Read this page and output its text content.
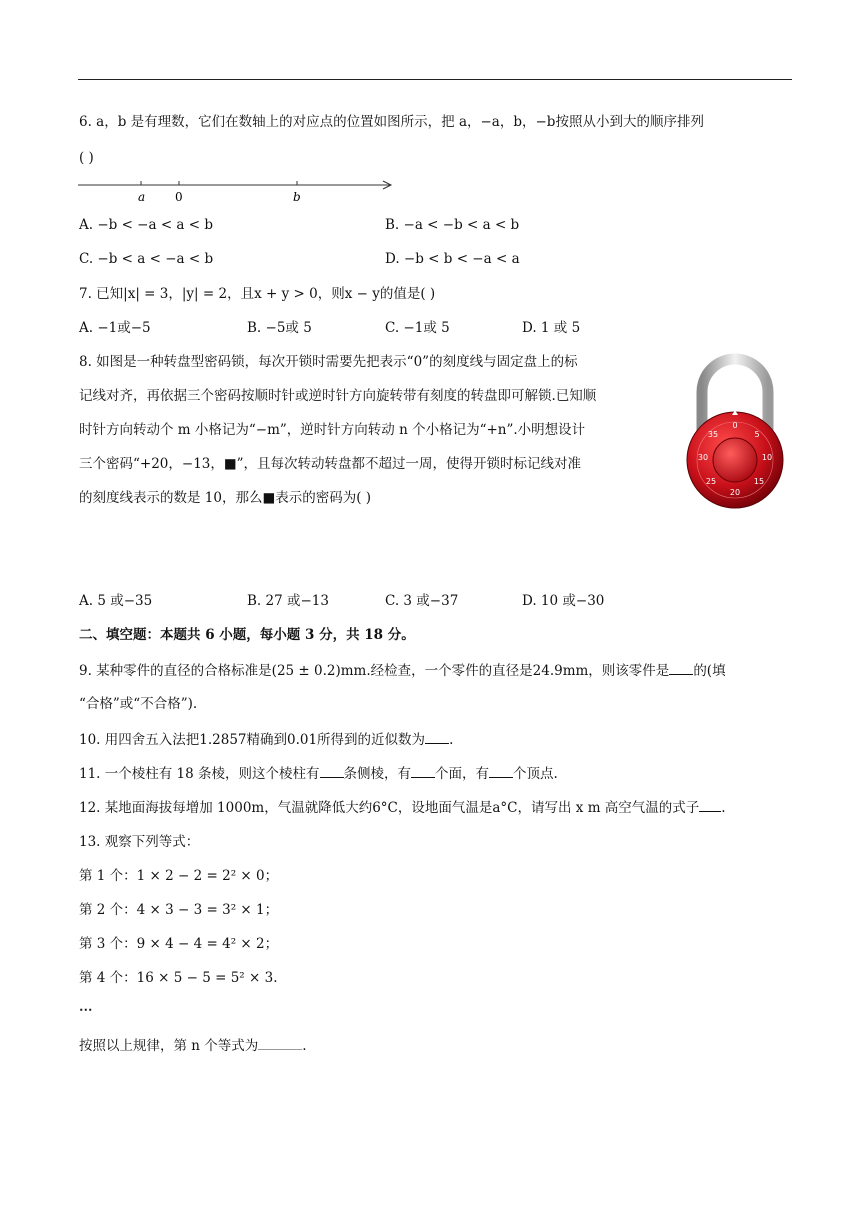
6. a，b 是有理数，它们在数轴上的对应点的位置如图所示，把 a，−a，b，−b按照从小到大的顺序排列
( )
a 0	b
A. −b < −a < a < b	B. −a < −b < a < b
C. −b < a < −a < b	D. −b < b < −a < a
7. 已知|x| = 3，|y| = 2，且x + y > 0，则x − y的值是( )
A. −1或−5	B. −5或 5	C. −1或 5	D. 1 或 5
8. 如图是一种转盘型密码锁，每次开锁时需要先把表示“0”的刻度线与固定盘上的标
记线对齐，再依据三个密码按顺时针或逆时针方向旋转带有刻度的转盘即可解锁.已知顺
时针方向转动个 m 小格记为“−m”，逆时针方向转动 n 个小格记为“+n”.小明想设计
三个密码“+20，−13，■”，且每次转动转盘都不超过一周，使得开锁时标记线对准
的刻度线表示的数是 10，那么■表示的密码为( )
0
5
10
15
20
25
30
35
A. 5 或−35	B. 27 或−13	C. 3 或−37	D. 10 或−30
二、填空题：本题共 6 小题，每小题 3 分，共 18 分。
9. 某种零件的直径的合格标准是(25 ± 0.2)mm.经检查，一个零件的直径是24.9mm，则该零件是 的(填
“合格”或“不合格”).
10. 用四舍五入法把1.2857精确到0.01所得到的近似数为 .
11. 一个棱柱有 18 条棱，则这个棱柱有 条侧棱，有 个面，有 个顶点.
12. 某地面海拔每增加 1000m，气温就降低大约6°C，设地面气温是a°C，请写出 x m 高空气温的式子 .
13. 观察下列等式：
第 1 个：1 × 2 − 2 = 2² × 0；
第 2 个：4 × 3 − 3 = 3² × 1；
第 3 个：9 × 4 − 4 = 4² × 2；
第 4 个：16 × 5 − 5 = 5² × 3.
⋯
按照以上规律，第 n 个等式为	.
